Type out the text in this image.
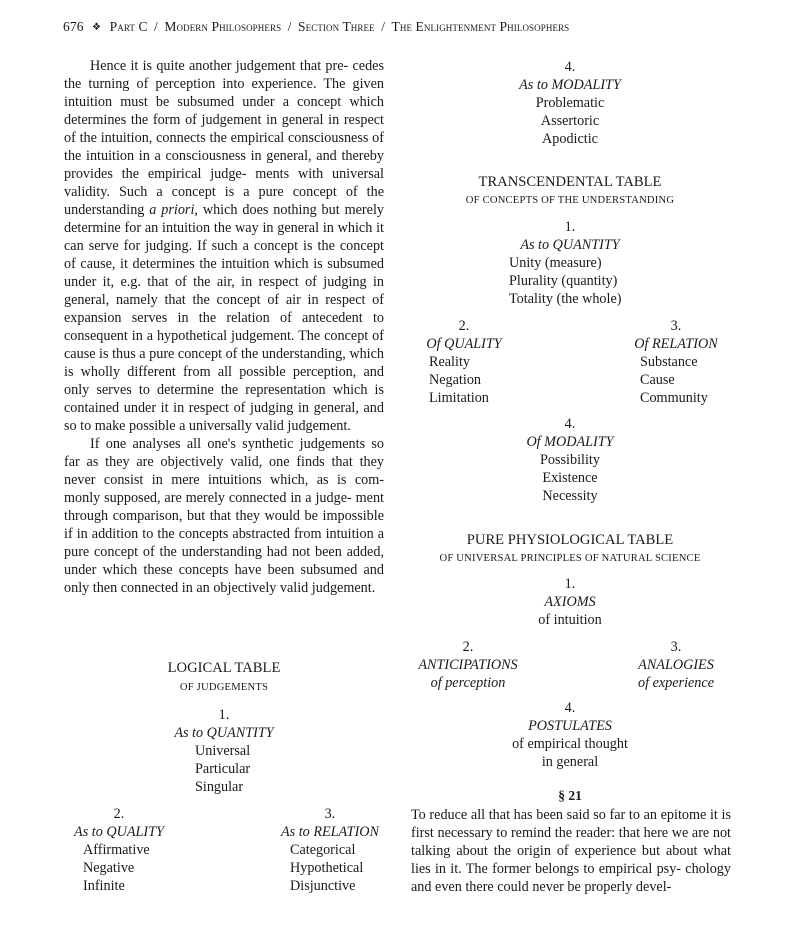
676 ❖ Part C / Modern Philosophers / Section Three / The Enlightenment Philosophers

Hence it is quite another judgement that pre- cedes the turning of perception into experience. The given intuition must be subsumed under a concept which determines the form of judgement in general in respect of the intuition, connects the empirical consciousness of the intuition in a consciousness in general, and thereby provides the empirical judge- ments with universal validity. Such a concept is a pure concept of the understanding a priori, which does nothing but merely determine for an intuition the way in general in which it can serve for judging. If such a concept is the concept of cause, it determines the intuition which is subsumed under it, e.g. that of the air, in respect of judging in general, namely that the concept of air in respect of expansion serves in the relation of antecedent to consequent in a hypothetical judgement. The concept of cause is thus a pure concept of the understanding, which is wholly different from all possible perception, and only serves to determine the representation which is contained under it in respect of judging in general, and so to make possible a universally valid judgement.

If one analyses all one's synthetic judgements so far as they are objectively valid, one finds that they never consist in mere intuitions which, as is com- monly supposed, are merely connected in a judge- ment through comparison, but that they would be impossible if in addition to the concepts abstracted from intuition a pure concept of the understanding had not been added, under which these concepts have been subsumed and only then connected in an objectively valid judgement.

LOGICAL TABLE
OF JUDGEMENTS
1.
As to QUANTITY
Universal
Particular
Singular
2.
As to QUALITY
Affirmative
Negative
Infinite
3.
As to RELATION
Categorical
Hypothetical
Disjunctive
4.
As to MODALITY
Problematic
Assertoric
Apodictic
TRANSCENDENTAL TABLE
OF CONCEPTS OF THE UNDERSTANDING
1.
As to QUANTITY
Unity (measure)
Plurality (quantity)
Totality (the whole)
2.
Of QUALITY
Reality
Negation
Limitation
3.
Of RELATION
Substance
Cause
Community
4.
Of MODALITY
Possibility
Existence
Necessity
PURE PHYSIOLOGICAL TABLE
OF UNIVERSAL PRINCIPLES OF NATURAL SCIENCE
1.
AXIOMS
of intuition
2.
ANTICIPATIONS
of perception
3.
ANALOGIES
of experience
4.
POSTULATES
of empirical thought
in general
§ 21

To reduce all that has been said so far to an epitome it is first necessary to remind the reader: that here we are not talking about the origin of experience but about what lies in it. The former belongs to empirical psy- chology and even there could never be properly devel-
